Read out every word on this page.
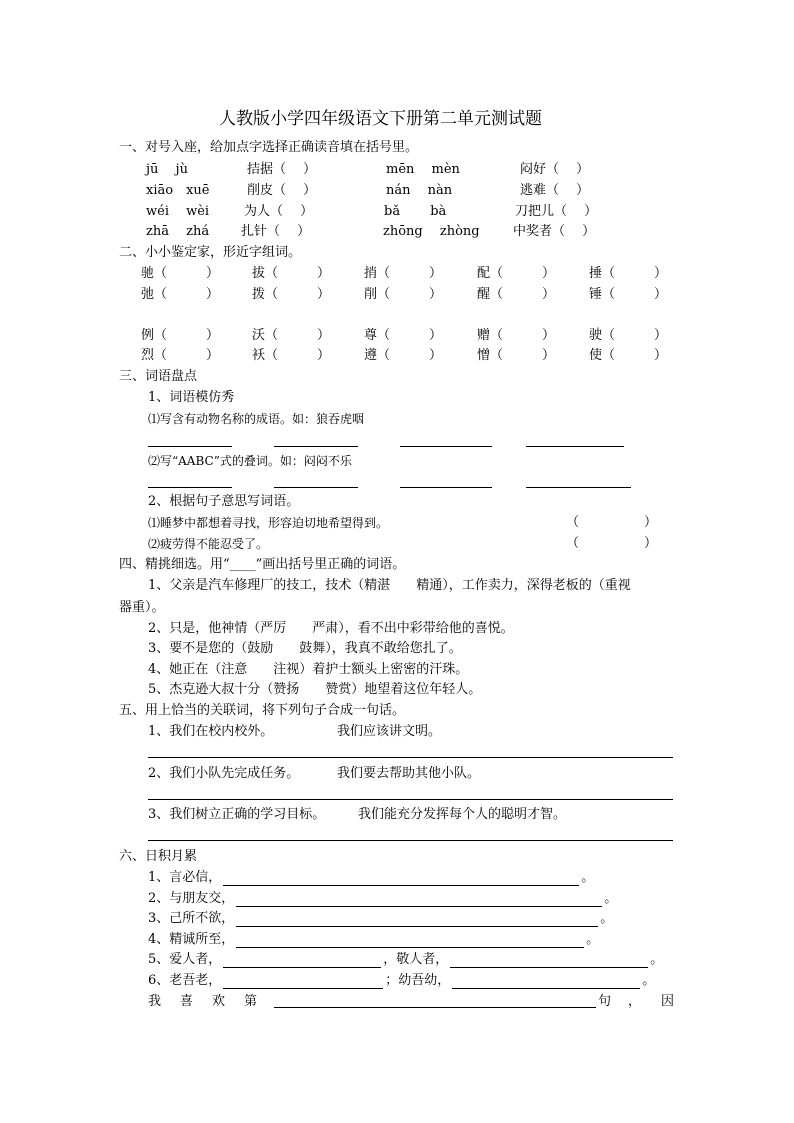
人教版小学四年级语文下册第二单元测试题
一、对号入座，给加点字选择正确读音填在括号里。
jū　 jù	拮据（　 ）	mēn　 mèn	闷好（　 ）
xiāo　xuē	削皮（　 ）	nán　 nàn	逃难（　 ）
wéi　 wèi	为人（　 ）	bǎ　　 bà	刀把儿（　 ）
zhā　 zhá 扎针（　 ）	zhōng　 zhòng	中奖者（　 ）
二、小小鉴定家，形近字组词。
驰（　　　）	拔（　　　）	捎（　　　）	配（　　　）	捶（　　　）
弛（　　　）	拨（　　　）	削（　　　）	醒（　　　）	锤（　　　）
例（　　　）	沃（　　　）	尊（　　　）	赠（　　　）	驶（　　　）
烈（　　　）	袄（　　　）	遵（　　　）	憎（　　　）	使（　　　）
三、词语盘点
1、词语模仿秀
⑴写含有动物名称的成语。如：狼吞虎咽
⑵写“AABC”式的叠词。如：闷闷不乐
2、根据句子意思写词语。
⑴睡梦中都想着寻找，形容迫切地希望得到。	（　　　　　）
⑵疲劳得不能忍受了。	（　　　　　）
四、精挑细选。用“____”画出括号里正确的词语。
1、父亲是汽车修理厂的技工，技术（精湛　　精通），工作卖力，深得老板的（重视
器重）。
2、只是，他神情（严厉　　严肃），看不出中彩带给他的喜悦。
3、要不是您的（鼓励　　鼓舞），我真不敢给您扎了。
4、她正在（注意　　注视）着护士额头上密密的汗珠。
5、杰克逊大叔十分（赞扬　　赞赏）地望着这位年轻人。
五、用上恰当的关联词，将下列句子合成一句话。
1、我们在校内校外。	我们应该讲文明。
2、我们小队先完成任务。	我们要去帮助其他小队。
3、我们树立正确的学习目标。	我们能充分发挥每个人的聪明才智。
六、日积月累
1、言必信，	。
2、与朋友交，	。
3、己所不欲，	。
4、精诚所至，	。
5、爱人者，	，敬人者，	。
6、老吾老，	；幼吾幼，	。
我 喜 欢 第	句 ， 因
